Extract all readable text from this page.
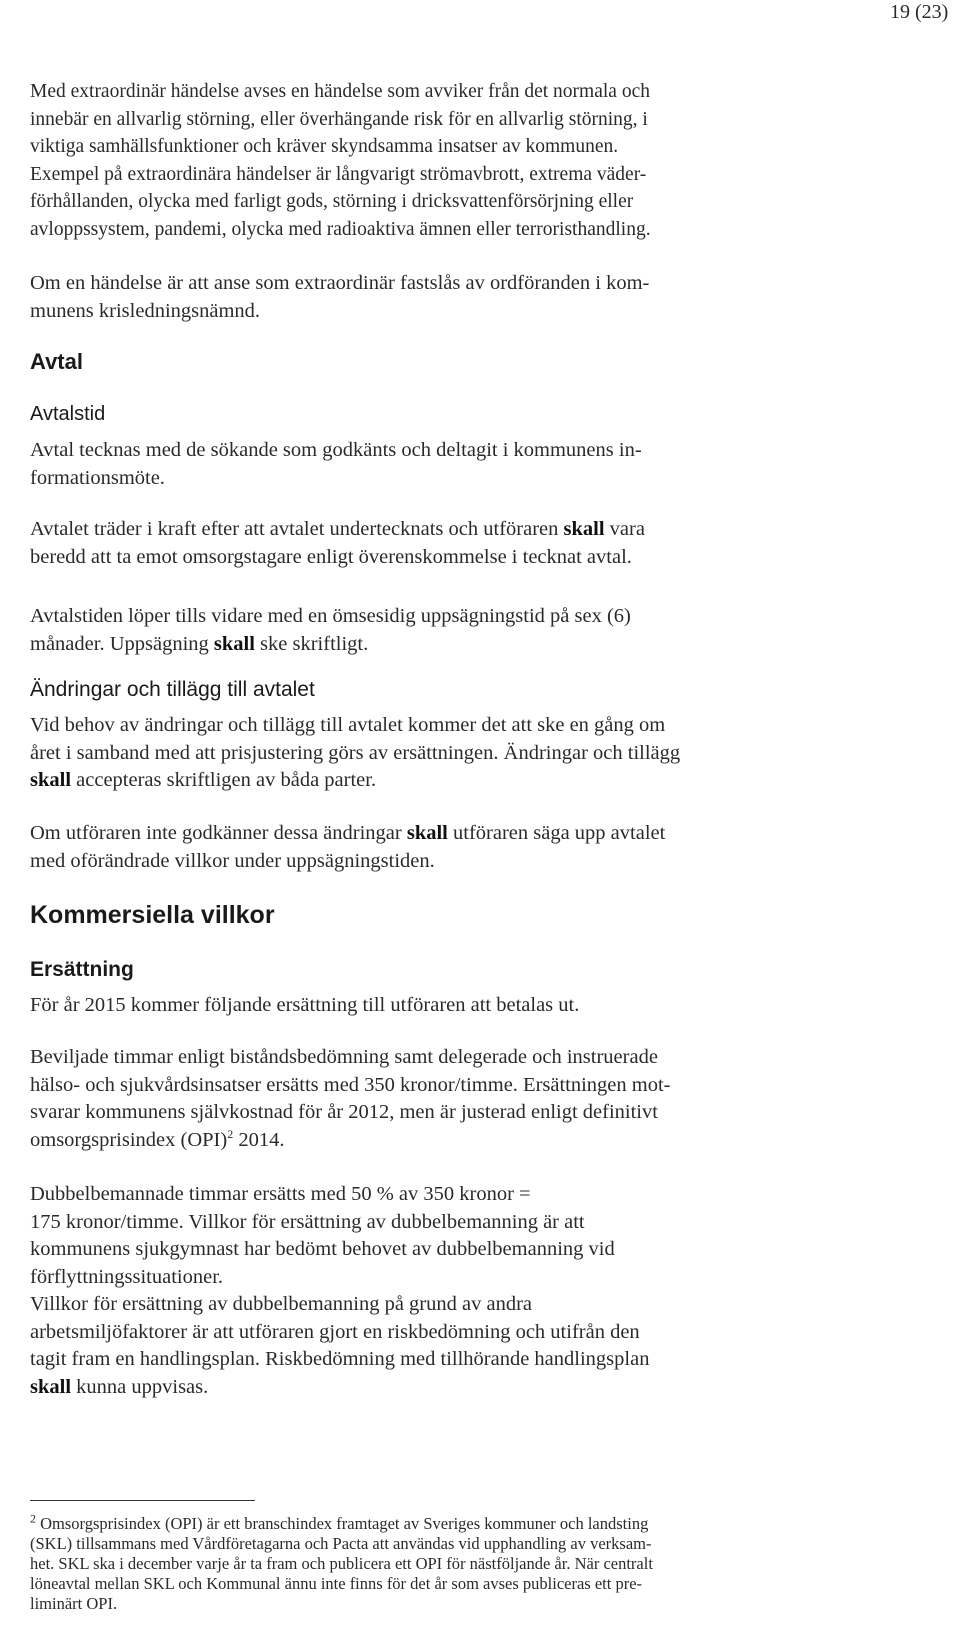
19 (23)
Med extraordinär händelse avses en händelse som avviker från det normala och
innebär en allvarlig störning, eller överhängande risk för en allvarlig störning, i
viktiga samhällsfunktioner och kräver skyndsamma insatser av kommunen.
Exempel på extraordinära händelser är långvarigt strömavbrott, extrema väder-
förhållanden, olycka med farligt gods, störning i dricksvattenförsörjning eller
avloppssystem, pandemi, olycka med radioaktiva ämnen eller terroristhandling.
Om en händelse är att anse som extraordinär fastslås av ordföranden i kom-
munens krisledningsnämnd.
Avtal
Avtalstid
Avtal tecknas med de sökande som godkänts och deltagit i kommunens in-
formationsmöte.
Avtalet träder i kraft efter att avtalet undertecknats och utföraren skall vara
beredd att ta emot omsorgstagare enligt överenskommelse i tecknat avtal.
Avtalstiden löper tills vidare med en ömsesidig uppsägningstid på sex (6)
månader. Uppsägning skall ske skriftligt.
Ändringar och tillägg till avtalet
Vid behov av ändringar och tillägg till avtalet kommer det att ske en gång om
året i samband med att prisjustering görs av ersättningen. Ändringar och tillägg
skall accepteras skriftligen av båda parter.
Om utföraren inte godkänner dessa ändringar skall utföraren säga upp avtalet
med oförändrade villkor under uppsägningstiden.
Kommersiella villkor
Ersättning
För år 2015 kommer följande ersättning till utföraren att betalas ut.
Beviljade timmar enligt biståndsbedömning samt delegerade och instruerade
hälso- och sjukvårdsinsatser ersätts med 350 kronor/timme. Ersättningen mot-
svarar kommunens självkostnad för år 2012, men är justerad enligt definitivt
omsorgsprisindex (OPI)$^2$ 2014.
Dubbelbemannade timmar ersätts med 50 % av 350 kronor =
175 kronor/timme. Villkor för ersättning av dubbelbemanning är att
kommunens sjukgymnast har bedömt behovet av dubbelbemanning vid
förflyttningssituationer.
Villkor för ersättning av dubbelbemanning på grund av andra
arbetsmiljöfaktorer är att utföraren gjort en riskbedömning och utifrån den
tagit fram en handlingsplan. Riskbedömning med tillhörande handlingsplan
skall kunna uppvisas.
$^2$ Omsorgsprisindex (OPI) är ett branschindex framtaget av Sveriges kommuner och landsting
(SKL) tillsammans med Vårdföretagarna och Pacta att användas vid upphandling av verksam-
het. SKL ska i december varje år ta fram och publicera ett OPI för nästföljande år. När centralt
löneavtal mellan SKL och Kommunal ännu inte finns för det år som avses publiceras ett pre-
liminärt OPI.
